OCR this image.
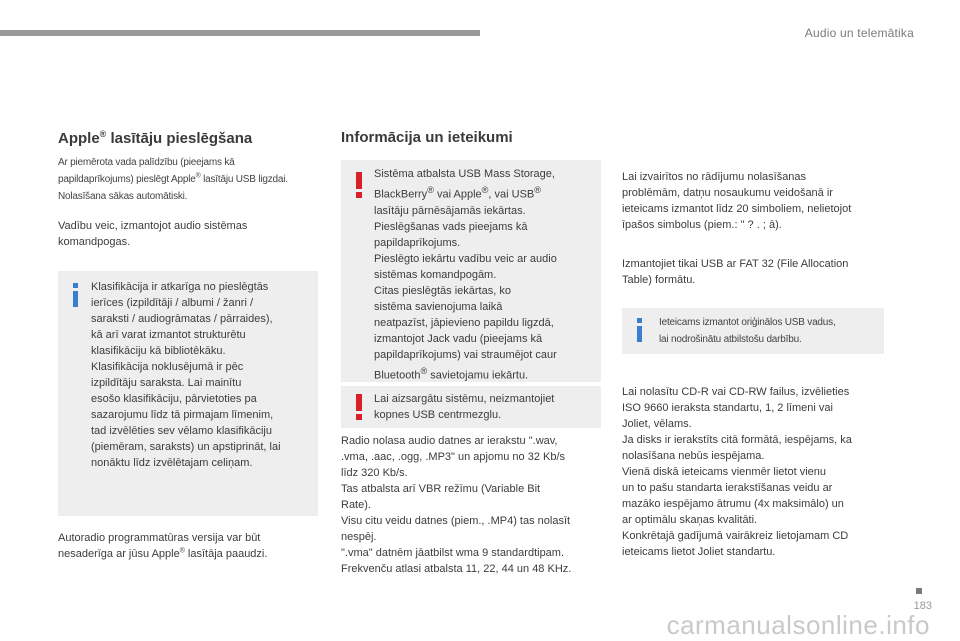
Audio un telemātika
Apple® lasītāju pieslēgšana
Ar piemērota vada palīdzību (pieejams kā
papildaprīkojums) pieslēgt Apple® lasītāju USB ligzdai.
Nolasīšana sākas automātiski.
Vadību veic, izmantojot audio sistēmas
komandpogas.
Klasifikācija ir atkarīga no pieslēgtās
ierīces (izpildītāji / albumi / žanri /
saraksti / audiogrāmatas / pārraides),
kā arī varat izmantot strukturētu
klasifikāciju kā bibliotēkāku.
Klasifikācija noklusējumā ir pēc
izpildītāju saraksta. Lai mainītu
esošo klasifikāciju, pārvietoties pa
sazarojumu līdz tā pirmajam līmenim,
tad izvēlēties sev vēlamo klasifikāciju
(piemēram, saraksts) un apstiprināt, lai
nonāktu līdz izvēlētajam celiņam.
Autoradio programmatūras versija var būt
nesaderīga ar jūsu Apple® lasītāja paaudzi.
Informācija un ieteikumi
Sistēma atbalsta USB Mass Storage,
BlackBerry® vai Apple®, vai USB®
lasītāju pārnēsājamās iekārtas.
Pieslēgšanas vads pieejams kā
papildaprīkojums.
Pieslēgto iekārtu vadību veic ar audio
sistēmas komandpogām.
Citas pieslēgtās iekārtas, ko
sistēma savienojuma laikā
neatpazīst, jāpievieno papildu ligzdā,
izmantojot Jack vadu (pieejams kā
papildaprīkojums) vai straumējot caur
Bluetooth® savietojamu iekārtu.
Lai aizsargātu sistēmu, neizmantojiet
kopnes USB centrmezglu.
Radio nolasa audio datnes ar ierakstu ".wav,
.vma, .aac, .ogg, .MP3" un apjomu no 32 Kb/s
līdz 320 Kb/s.
Tas atbalsta arī VBR režīmu (Variable Bit
Rate).
Visu citu veidu datnes (piem., .MP4) tas nolasīt
nespēj.
".vma" datnēm jāatbilst wma 9 standardtipam.
Frekvenču atlasi atbalsta 11, 22, 44 un 48 KHz.
Lai izvairītos no rādījumu nolasīšanas
problēmām, datņu nosaukumu veidošanā ir
ieteicams izmantot līdz 20 simboliem, nelietojot
īpašos simbolus (piem.: " ? . ; ā).
Izmantojiet tikai USB ar FAT 32 (File Allocation
Table) formātu.
Ieteicams izmantot oriģinālos USB vadus,
lai nodrošinātu atbilstošu darbību.
Lai nolasītu CD-R vai CD-RW failus, izvēlieties
ISO 9660 ieraksta standartu, 1, 2 līmeni vai
Joliet, vēlams.
Ja disks ir ierakstīts citā formātā, iespējams, ka
nolasīšana nebūs iespējama.
Vienā diskā ieteicams vienmēr lietot vienu
un to pašu standarta ierakstīšanas veidu ar
mazāko iespējamo ātrumu (4x maksimālo) un
ar optimālu skaņas kvalitāti.
Konkrētajā gadījumā vairākreiz lietojamam CD
ieteicams lietot Joliet standartu.
carmanualsonline.info
183
